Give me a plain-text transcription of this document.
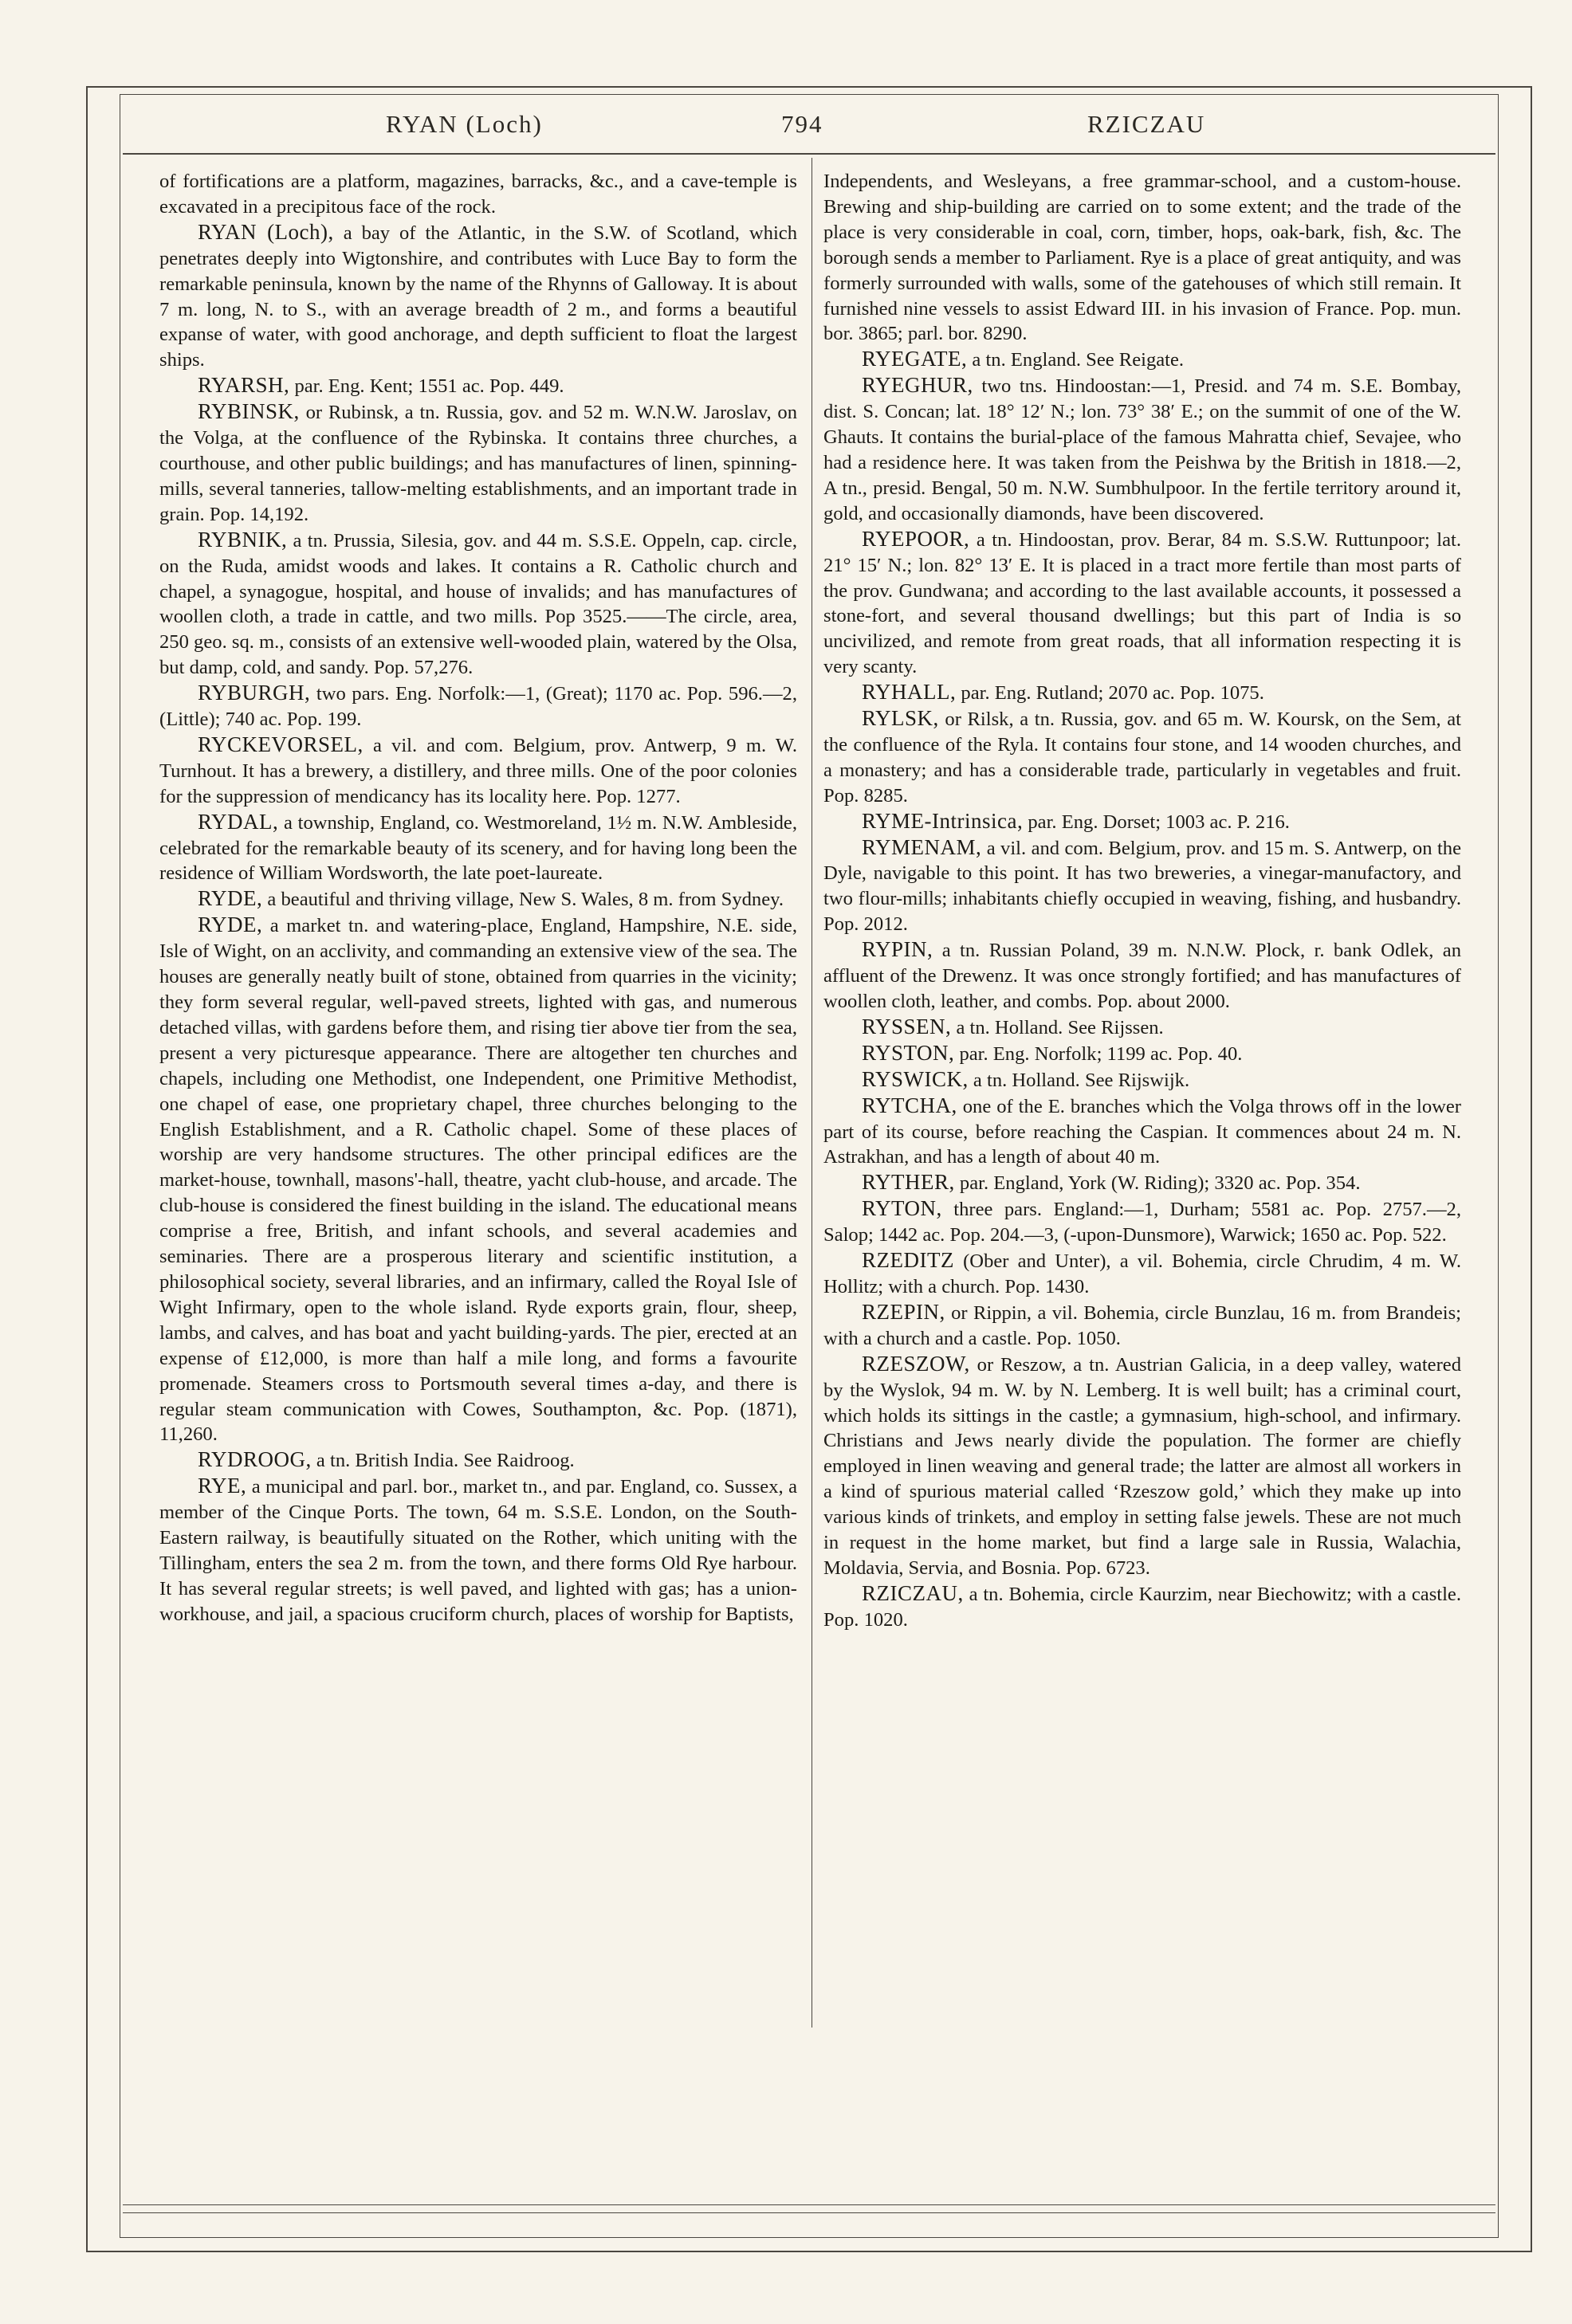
RYAN (Loch)	794	RZICZAU

of fortifications are a platform, magazines, barracks, &c., and a cave-temple is excavated in a precipitous face of the rock.

RYAN (Loch), a bay of the Atlantic, in the S.W. of Scotland, which penetrates deeply into Wigtonshire, and contributes with Luce Bay to form the remarkable peninsula, known by the name of the Rhynns of Galloway. It is about 7 m. long, N. to S., with an average breadth of 2 m., and forms a beautiful expanse of water, with good anchorage, and depth sufficient to float the largest ships.

RYARSH, par. Eng. Kent; 1551 ac. Pop. 449.

RYBINSK, or Rubinsk, a tn. Russia, gov. and 52 m. W.N.W. Jaroslav, on the Volga, at the confluence of the Rybinska. It contains three churches, a courthouse, and other public buildings; and has manufactures of linen, spinning-mills, several tanneries, tallow-melting establishments, and an important trade in grain. Pop. 14,192.

RYBNIK, a tn. Prussia, Silesia, gov. and 44 m. S.S.E. Oppeln, cap. circle, on the Ruda, amidst woods and lakes. It contains a R. Catholic church and chapel, a synagogue, hospital, and house of invalids; and has manufactures of woollen cloth, a trade in cattle, and two mills. Pop 3525.——The circle, area, 250 geo. sq. m., consists of an extensive well-wooded plain, watered by the Olsa, but damp, cold, and sandy. Pop. 57,276.

RYBURGH, two pars. Eng. Norfolk:—1, (Great); 1170 ac. Pop. 596.—2, (Little); 740 ac. Pop. 199.

RYCKEVORSEL, a vil. and com. Belgium, prov. Antwerp, 9 m. W. Turnhout. It has a brewery, a distillery, and three mills. One of the poor colonies for the suppression of mendicancy has its locality here. Pop. 1277.

RYDAL, a township, England, co. Westmoreland, 1½ m. N.W. Ambleside, celebrated for the remarkable beauty of its scenery, and for having long been the residence of William Wordsworth, the late poet-laureate.

RYDE, a beautiful and thriving village, New S. Wales, 8 m. from Sydney.

RYDE, a market tn. and watering-place, England, Hampshire, N.E. side, Isle of Wight, on an acclivity, and commanding an extensive view of the sea. The houses are generally neatly built of stone, obtained from quarries in the vicinity; they form several regular, well-paved streets, lighted with gas, and numerous detached villas, with gardens before them, and rising tier above tier from the sea, present a very picturesque appearance. There are altogether ten churches and chapels, including one Methodist, one Independent, one Primitive Methodist, one chapel of ease, one proprietary chapel, three churches belonging to the English Establishment, and a R. Catholic chapel. Some of these places of worship are very handsome structures. The other principal edifices are the market-house, townhall, masons'-hall, theatre, yacht club-house, and arcade. The club-house is considered the finest building in the island. The educational means comprise a free, British, and infant schools, and several academies and seminaries. There are a prosperous literary and scientific institution, a philosophical society, several libraries, and an infirmary, called the Royal Isle of Wight Infirmary, open to the whole island. Ryde exports grain, flour, sheep, lambs, and calves, and has boat and yacht building-yards. The pier, erected at an expense of £12,000, is more than half a mile long, and forms a favourite promenade. Steamers cross to Portsmouth several times a-day, and there is regular steam communication with Cowes, Southampton, &c. Pop. (1871), 11,260.

RYDROOG, a tn. British India. See Raidroog.

RYE, a municipal and parl. bor., market tn., and par. England, co. Sussex, a member of the Cinque Ports. The town, 64 m. S.S.E. London, on the South-Eastern railway, is beautifully situated on the Rother, which uniting with the Tillingham, enters the sea 2 m. from the town, and there forms Old Rye harbour. It has several regular streets; is well paved, and lighted with gas; has a union-workhouse, and jail, a spacious cruciform church, places of worship for Baptists,

Independents, and Wesleyans, a free grammar-school, and a custom-house. Brewing and ship-building are carried on to some extent; and the trade of the place is very considerable in coal, corn, timber, hops, oak-bark, fish, &c. The borough sends a member to Parliament. Rye is a place of great antiquity, and was formerly surrounded with walls, some of the gatehouses of which still remain. It furnished nine vessels to assist Edward III. in his invasion of France. Pop. mun. bor. 3865; parl. bor. 8290.

RYEGATE, a tn. England. See Reigate.

RYEGHUR, two tns. Hindoostan:—1, Presid. and 74 m. S.E. Bombay, dist. S. Concan; lat. 18° 12′ N.; lon. 73° 38′ E.; on the summit of one of the W. Ghauts. It contains the burial-place of the famous Mahratta chief, Sevajee, who had a residence here. It was taken from the Peishwa by the British in 1818.—2, A tn., presid. Bengal, 50 m. N.W. Sumbhulpoor. In the fertile territory around it, gold, and occasionally diamonds, have been discovered.

RYEPOOR, a tn. Hindoostan, prov. Berar, 84 m. S.S.W. Ruttunpoor; lat. 21° 15′ N.; lon. 82° 13′ E. It is placed in a tract more fertile than most parts of the prov. Gundwana; and according to the last available accounts, it possessed a stone-fort, and several thousand dwellings; but this part of India is so uncivilized, and remote from great roads, that all information respecting it is very scanty.

RYHALL, par. Eng. Rutland; 2070 ac. Pop. 1075.

RYLSK, or Rilsk, a tn. Russia, gov. and 65 m. W. Koursk, on the Sem, at the confluence of the Ryla. It contains four stone, and 14 wooden churches, and a monastery; and has a considerable trade, particularly in vegetables and fruit. Pop. 8285.

RYME-Intrinsica, par. Eng. Dorset; 1003 ac. P. 216.

RYMENAM, a vil. and com. Belgium, prov. and 15 m. S. Antwerp, on the Dyle, navigable to this point. It has two breweries, a vinegar-manufactory, and two flour-mills; inhabitants chiefly occupied in weaving, fishing, and husbandry. Pop. 2012.

RYPIN, a tn. Russian Poland, 39 m. N.N.W. Plock, r. bank Odlek, an affluent of the Drewenz. It was once strongly fortified; and has manufactures of woollen cloth, leather, and combs. Pop. about 2000.

RYSSEN, a tn. Holland. See Rijssen.

RYSTON, par. Eng. Norfolk; 1199 ac. Pop. 40.

RYSWICK, a tn. Holland. See Rijswijk.

RYTCHA, one of the E. branches which the Volga throws off in the lower part of its course, before reaching the Caspian. It commences about 24 m. N. Astrakhan, and has a length of about 40 m.

RYTHER, par. England, York (W. Riding); 3320 ac. Pop. 354.

RYTON, three pars. England:—1, Durham; 5581 ac. Pop. 2757.—2, Salop; 1442 ac. Pop. 204.—3, (-upon-Dunsmore), Warwick; 1650 ac. Pop. 522.

RZEDITZ (Ober and Unter), a vil. Bohemia, circle Chrudim, 4 m. W. Hollitz; with a church. Pop. 1430.

RZEPIN, or Rippin, a vil. Bohemia, circle Bunzlau, 16 m. from Brandeis; with a church and a castle. Pop. 1050.

RZESZOW, or Reszow, a tn. Austrian Galicia, in a deep valley, watered by the Wyslok, 94 m. W. by N. Lemberg. It is well built; has a criminal court, which holds its sittings in the castle; a gymnasium, high-school, and infirmary. Christians and Jews nearly divide the population. The former are chiefly employed in linen weaving and general trade; the latter are almost all workers in a kind of spurious material called ‘Rzeszow gold,’ which they make up into various kinds of trinkets, and employ in setting false jewels. These are not much in request in the home market, but find a large sale in Russia, Walachia, Moldavia, Servia, and Bosnia. Pop. 6723.

RZICZAU, a tn. Bohemia, circle Kaurzim, near Biechowitz; with a castle. Pop. 1020.
